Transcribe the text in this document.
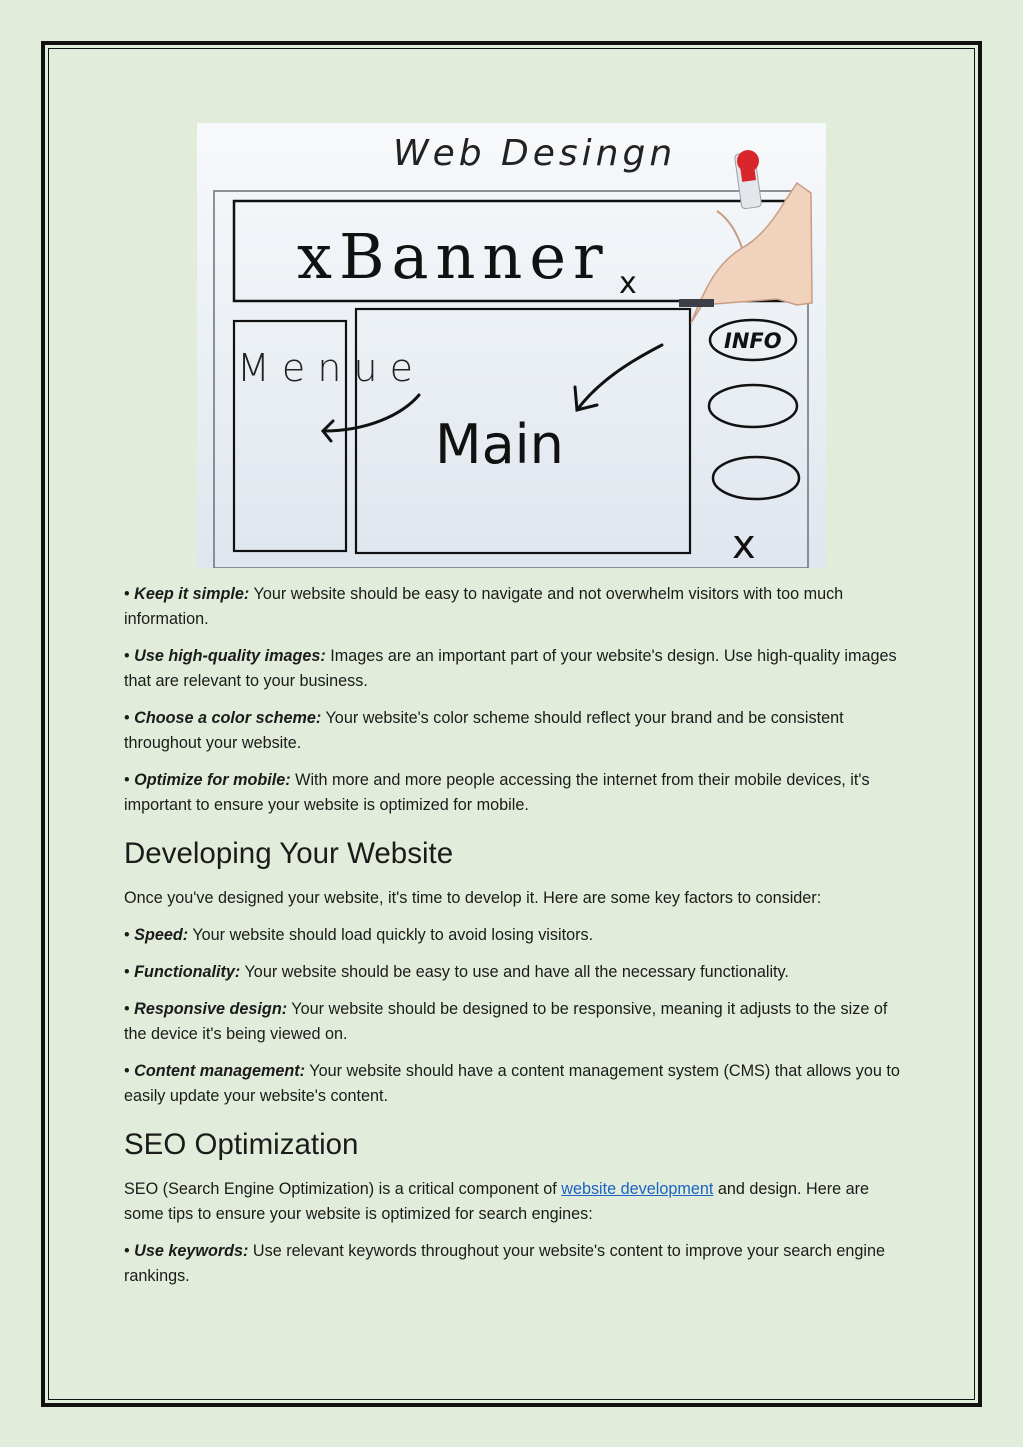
Web Desingn
xBanner x
M e n u e
Main
INFO
x

• Keep it simple: Your website should be easy to navigate and not overwhelm visitors with too much information.

• Use high-quality images: Images are an important part of your website's design. Use high-quality images that are relevant to your business.

• Choose a color scheme: Your website's color scheme should reflect your brand and be consistent throughout your website.

• Optimize for mobile: With more and more people accessing the internet from their mobile devices, it's important to ensure your website is optimized for mobile.

Developing Your Website

Once you've designed your website, it's time to develop it. Here are some key factors to consider:

• Speed: Your website should load quickly to avoid losing visitors.

• Functionality: Your website should be easy to use and have all the necessary functionality.

• Responsive design: Your website should be designed to be responsive, meaning it adjusts to the size of the device it's being viewed on.

• Content management: Your website should have a content management system (CMS) that allows you to easily update your website's content.

SEO Optimization

SEO (Search Engine Optimization) is a critical component of website development and design. Here are some tips to ensure your website is optimized for search engines:

• Use keywords: Use relevant keywords throughout your website's content to improve your search engine rankings.
